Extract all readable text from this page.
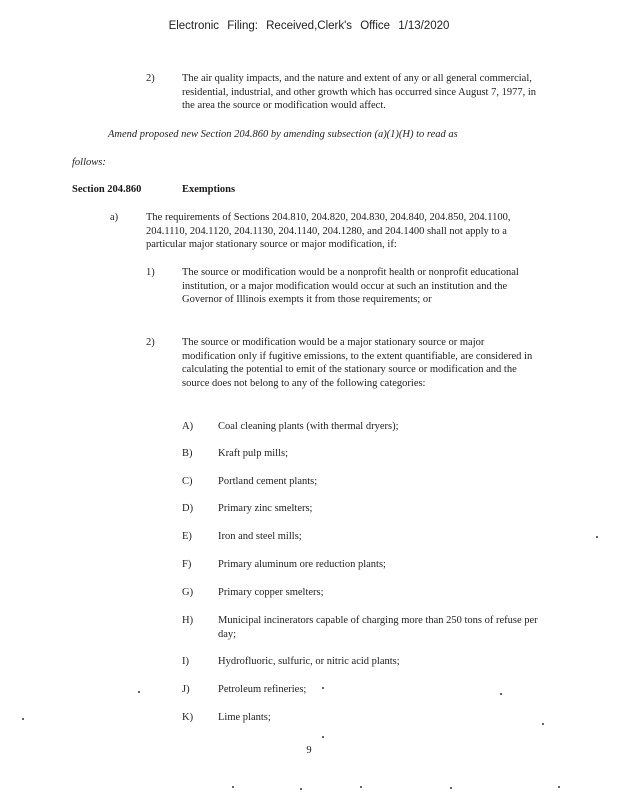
Electronic Filing: Received,Clerk's Office 1/13/2020
2)	The air quality impacts, and the nature and extent of any or all general commercial, residential, industrial, and other growth which has occurred since August 7, 1977, in the area the source or modification would affect.
Amend proposed new Section 204.860 by amending subsection (a)(1)(H) to read as
follows:
Section 204.860	Exemptions
a)	The requirements of Sections 204.810, 204.820, 204.830, 204.840, 204.850, 204.1100, 204.1110, 204.1120, 204.1130, 204.1140, 204.1280, and 204.1400 shall not apply to a particular major stationary source or major modification, if:
1)	The source or modification would be a nonprofit health or nonprofit educational institution, or a major modification would occur at such an institution and the Governor of Illinois exempts it from those requirements; or
2)	The source or modification would be a major stationary source or major modification only if fugitive emissions, to the extent quantifiable, are considered in calculating the potential to emit of the stationary source or modification and the source does not belong to any of the following categories:
A)	Coal cleaning plants (with thermal dryers);
B)	Kraft pulp mills;
C)	Portland cement plants;
D)	Primary zinc smelters;
E)	Iron and steel mills;
F)	Primary aluminum ore reduction plants;
G)	Primary copper smelters;
H)	Municipal incinerators capable of charging more than 250 tons of refuse per day;
I)	Hydrofluoric, sulfuric, or nitric acid plants;
J)	Petroleum refineries;
K)	Lime plants;
9
